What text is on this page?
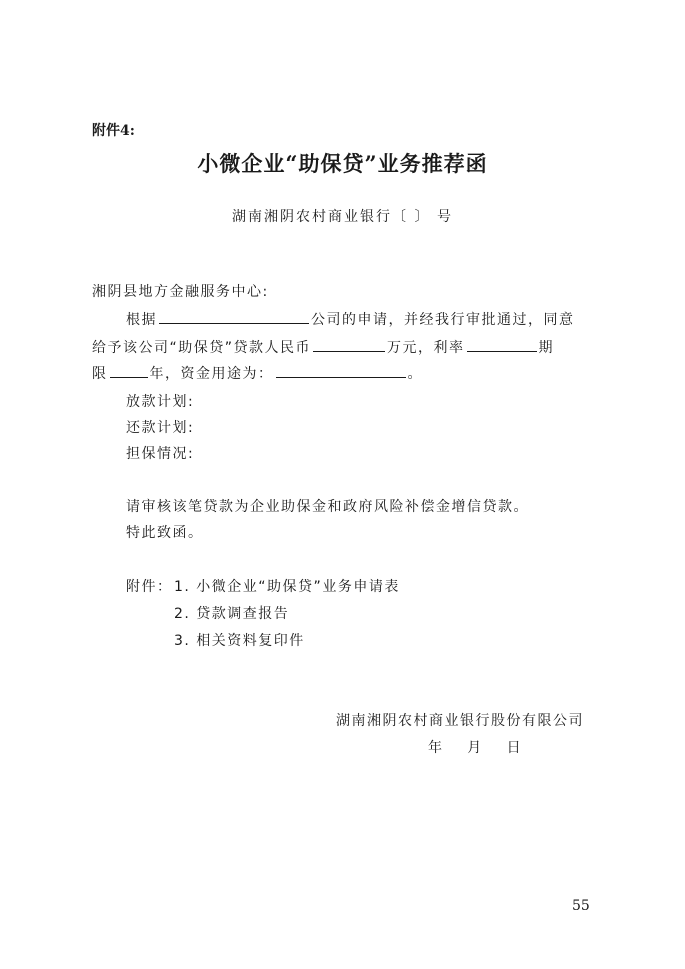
附件4:
小微企业“助保贷”业务推荐函
湖南湘阴农村商业银行〔 〕 号
湘阴县地方金融服务中心:
根据	公司的申请，并经我行审批通过，同意
给予该公司“助保贷”贷款人民币	万元，利率	期
限	年，资金用途为：	。
放款计划:
还款计划:
担保情况:
请审核该笔贷款为企业助保金和政府风险补偿金增信贷款。
特此致函。
附件： 1. 小微企业“助保贷”业务申请表
2. 贷款调查报告
3. 相关资料复印件
湖南湘阴农村商业银行股份有限公司
年    月    日
55
